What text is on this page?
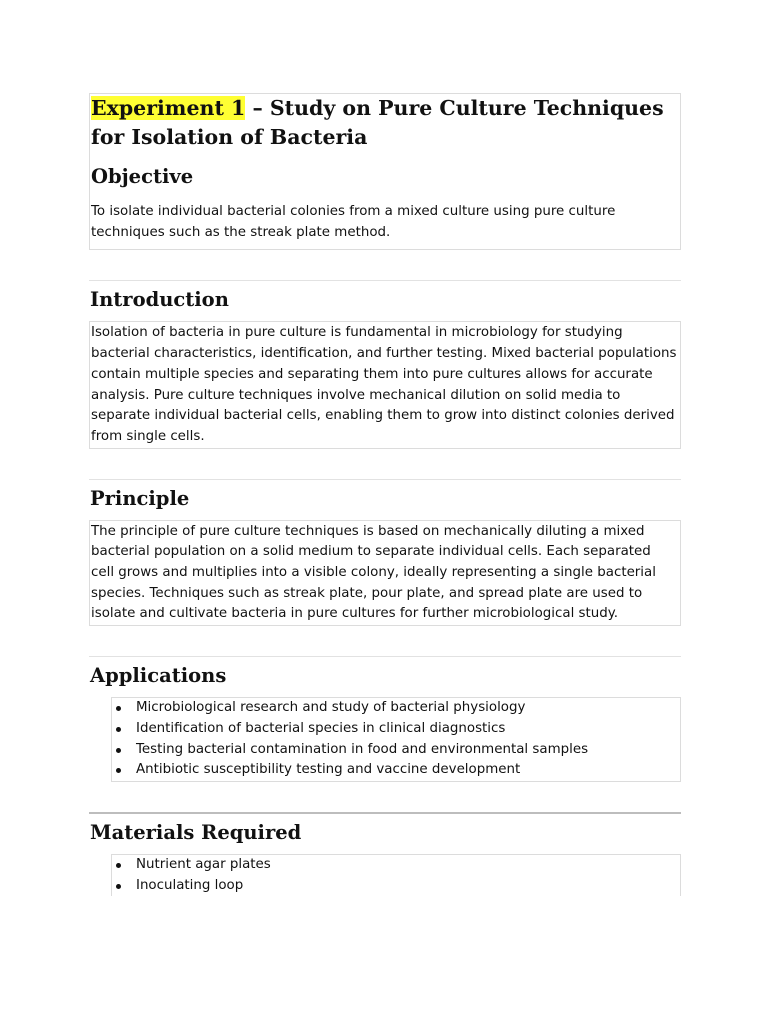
Experiment 1 – Study on Pure Culture Techniques for Isolation of Bacteria
Objective

To isolate individual bacterial colonies from a mixed culture using pure culture techniques such as the streak plate method.

Introduction

Isolation of bacteria in pure culture is fundamental in microbiology for studying bacterial characteristics, identification, and further testing. Mixed bacterial populations contain multiple species and separating them into pure cultures allows for accurate analysis. Pure culture techniques involve mechanical dilution on solid media to separate individual bacterial cells, enabling them to grow into distinct colonies derived from single cells.

Principle

The principle of pure culture techniques is based on mechanically diluting a mixed bacterial population on a solid medium to separate individual cells. Each separated cell grows and multiplies into a visible colony, ideally representing a single bacterial species. Techniques such as streak plate, pour plate, and spread plate are used to isolate and cultivate bacteria in pure cultures for further microbiological study.

Applications
Microbiological research and study of bacterial physiology
Identification of bacterial species in clinical diagnostics
Testing bacterial contamination in food and environmental samples
Antibiotic susceptibility testing and vaccine development
Materials Required
Nutrient agar plates
Inoculating loop
